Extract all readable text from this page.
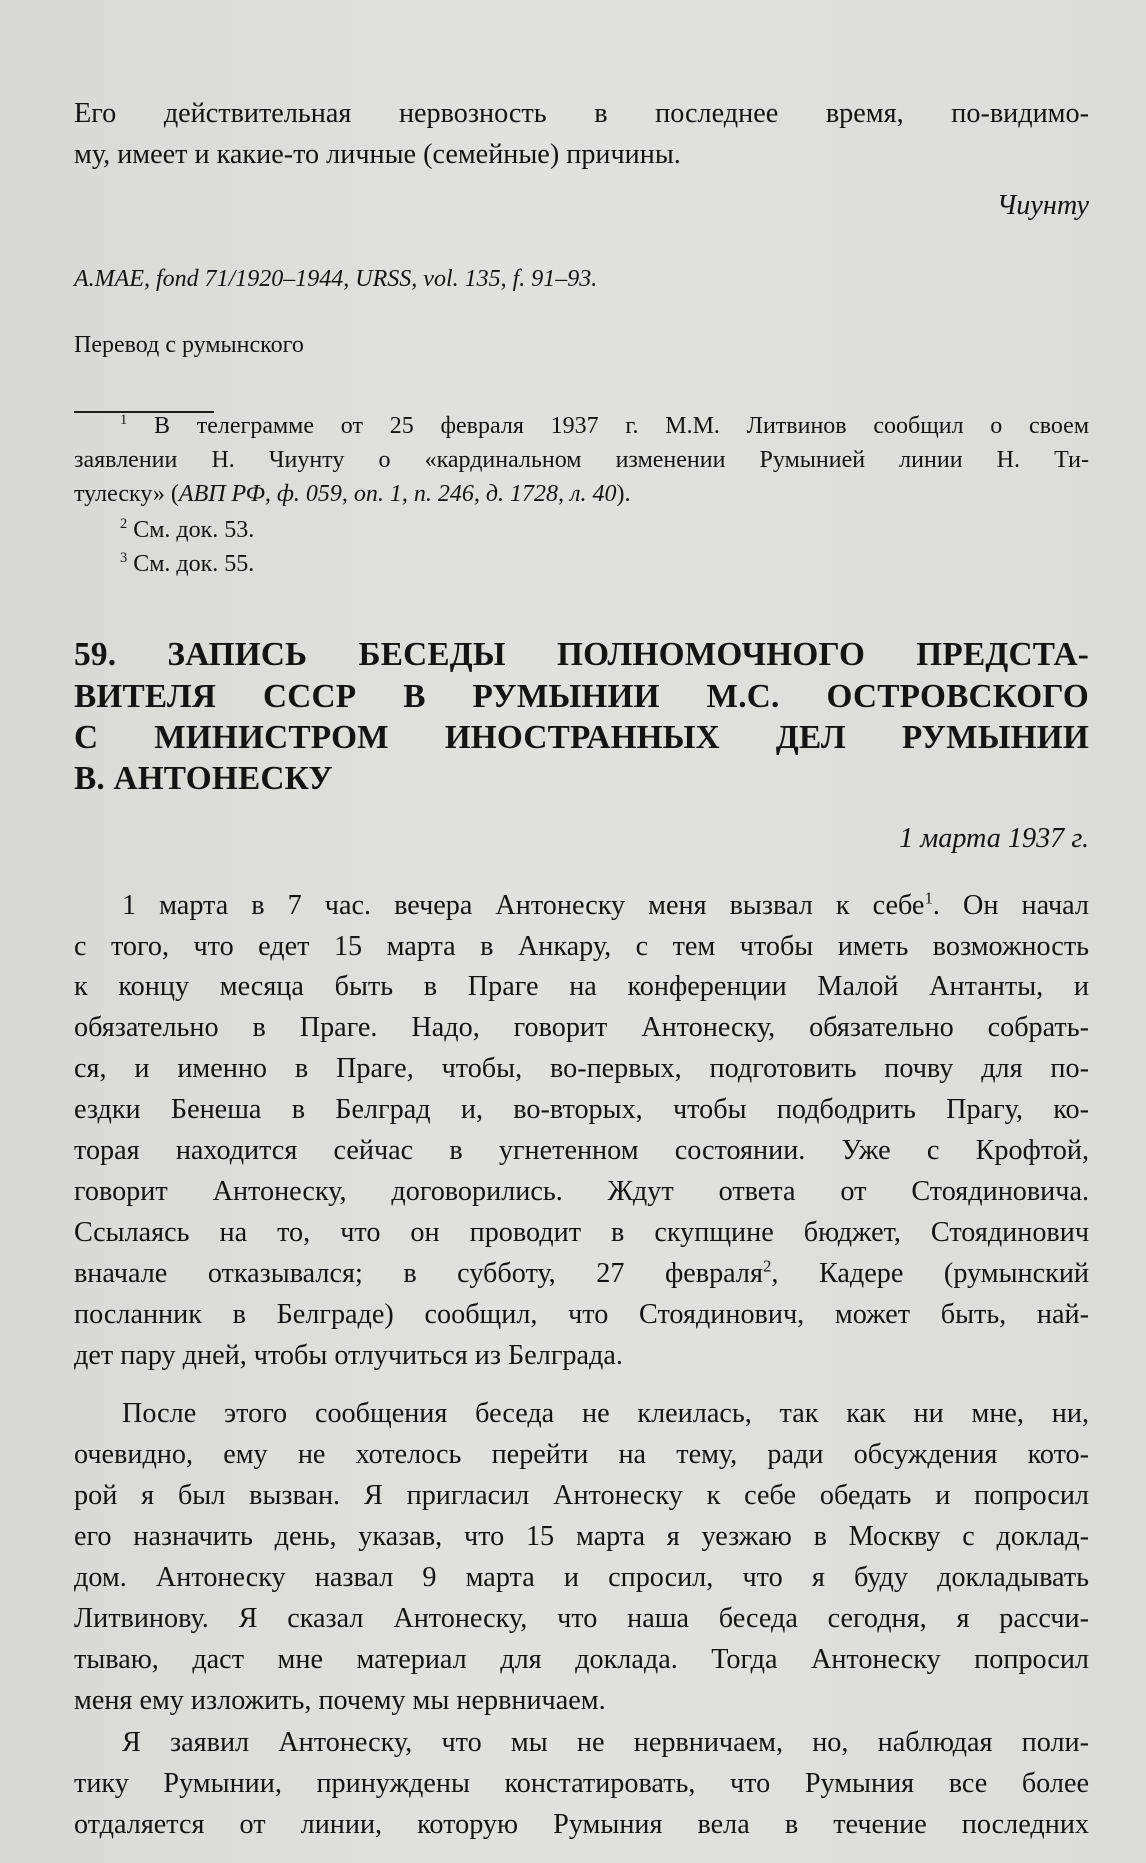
Его действительная нервозность в последнее время, по-видимо-
му, имеет и какие-то личные (семейные) причины.
Чиунту
A.MAE, fond 71/1920–1944, URSS, vol. 135, f. 91–93.
Перевод с румынского
$^1$ В телеграмме от 25 февраля 1937 г. М.М. Литвинов сообщил о своем
заявлении Н. Чиунту о «кардинальном изменении Румынией линии Н. Ти-
тулеску» (АВП РФ, ф. 059, оп. 1, п. 246, д. 1728, л. 40).
$^2$ См. док. 53.
$^3$ См. док. 55.
59. ЗАПИСЬ БЕСЕДЫ ПОЛНОМОЧНОГО ПРЕДСТА-
ВИТЕЛЯ СССР В РУМЫНИИ М.С. ОСТРОВСКОГО
С МИНИСТРОМ ИНОСТРАННЫХ ДЕЛ РУМЫНИИ
В. АНТОНЕСКУ
1 марта 1937 г.
1 марта в 7 час. вечера Антонеску меня вызвал к себе$^1$. Он начал
с того, что едет 15 марта в Анкару, с тем чтобы иметь возможность
к концу месяца быть в Праге на конференции Малой Антанты, и
обязательно в Праге. Надо, говорит Антонеску, обязательно собрать-
ся, и именно в Праге, чтобы, во-первых, подготовить почву для по-
ездки Бенеша в Белград и, во-вторых, чтобы подбодрить Прагу, ко-
торая находится сейчас в угнетенном состоянии. Уже с Крофтой,
говорит Антонеску, договорились. Ждут ответа от Стоядиновича.
Ссылаясь на то, что он проводит в скупщине бюджет, Стоядинович
вначале отказывался; в субботу, 27 февраля$^2$, Кадере (румынский
посланник в Белграде) сообщил, что Стоядинович, может быть, най-
дет пару дней, чтобы отлучиться из Белграда.
После этого сообщения беседа не клеилась, так как ни мне, ни,
очевидно, ему не хотелось перейти на тему, ради обсуждения кото-
рой я был вызван. Я пригласил Антонеску к себе обедать и попросил
его назначить день, указав, что 15 марта я уезжаю в Москву с доклад-
дом. Антонеску назвал 9 марта и спросил, что я буду докладывать
Литвинову. Я сказал Антонеску, что наша беседа сегодня, я рассчи-
тываю, даст мне материал для доклада. Тогда Антонеску попросил
меня ему изложить, почему мы нервничаем.
Я заявил Антонеску, что мы не нервничаем, но, наблюдая поли-
тику Румынии, принуждены констатировать, что Румыния все более
отдаляется от линии, которую Румыния вела в течение последних
